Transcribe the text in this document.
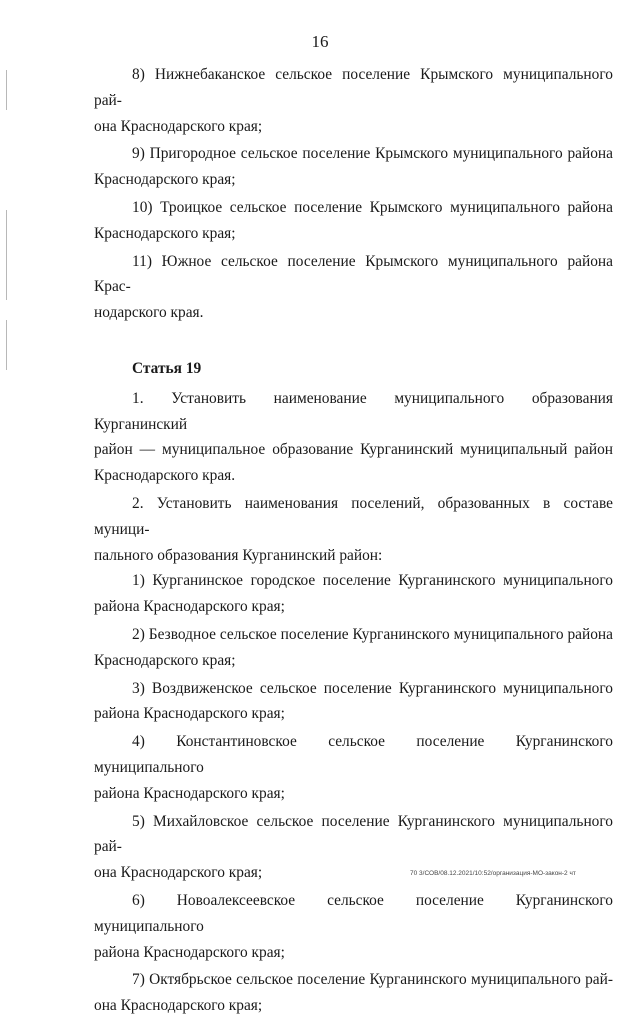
16
8) Нижнебаканское сельское поселение Крымского муниципального рай-
она Краснодарского края;
9) Пригородное сельское поселение Крымского муниципального района
Краснодарского края;
10) Троицкое сельское поселение Крымского муниципального района
Краснодарского края;
11) Южное сельское поселение Крымского муниципального района Крас-
нодарского края.
Статья 19
1. Установить наименование муниципального образования Курганинский
район — муниципальное образование Курганинский муниципальный район
Краснодарского края.
2. Установить наименования поселений, образованных в составе муници-
пального образования Курганинский район:
1) Курганинское городское поселение Курганинского муниципального
района Краснодарского края;
2) Безводное сельское поселение Курганинского муниципального района
Краснодарского края;
3) Воздвиженское сельское поселение Курганинского муниципального
района Краснодарского края;
4) Константиновское сельское поселение Курганинского муниципального
района Краснодарского края;
5) Михайловское сельское поселение Курганинского муниципального рай-
она Краснодарского края;
6) Новоалексеевское сельское поселение Курганинского муниципального
района Краснодарского края;
7) Октябрьское сельское поселение Курганинского муниципального рай-
она Краснодарского края;
70 3/СОВ/08.12.2021/10:52/организация-МО-закон-2 чт
